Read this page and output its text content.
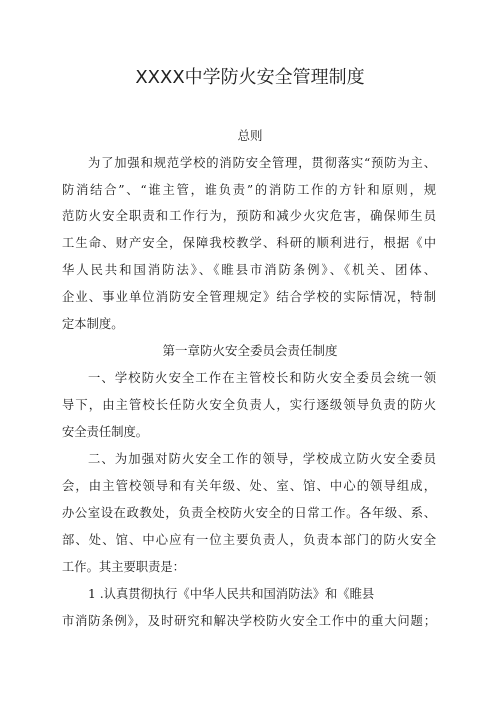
XXXX中学防火安全管理制度
总则
为了加强和规范学校的消防安全管理，贯彻落实“预防为主、
防消结合”、“谁主管，谁负责”的消防工作的方针和原则，规
范防火安全职责和工作行为，预防和减少火灾危害，确保师生员
工生命、财产安全，保障我校教学、科研的顺利进行，根据《中
华人民共和国消防法》、《睢县市消防条例》、《机关、团体、
企业、事业单位消防安全管理规定》结合学校的实际情况，特制
定本制度。
第一章防火安全委员会责任制度
一、学校防火安全工作在主管校长和防火安全委员会统一领
导下，由主管校长任防火安全负责人，实行逐级领导负责的防火
安全责任制度。
二、为加强对防火安全工作的领导，学校成立防火安全委员
会，由主管校领导和有关年级、处、室、馆、中心的领导组成，
办公室设在政教处，负责全校防火安全的日常工作。各年级、系、
部、处、馆、中心应有一位主要负责人，负责本部门的防火安全
工作。其主要职责是：
1 .认真贯彻执行《中华人民共和国消防法》和《睢县
市消防条例》，及时研究和解决学校防火安全工作中的重大问题；
